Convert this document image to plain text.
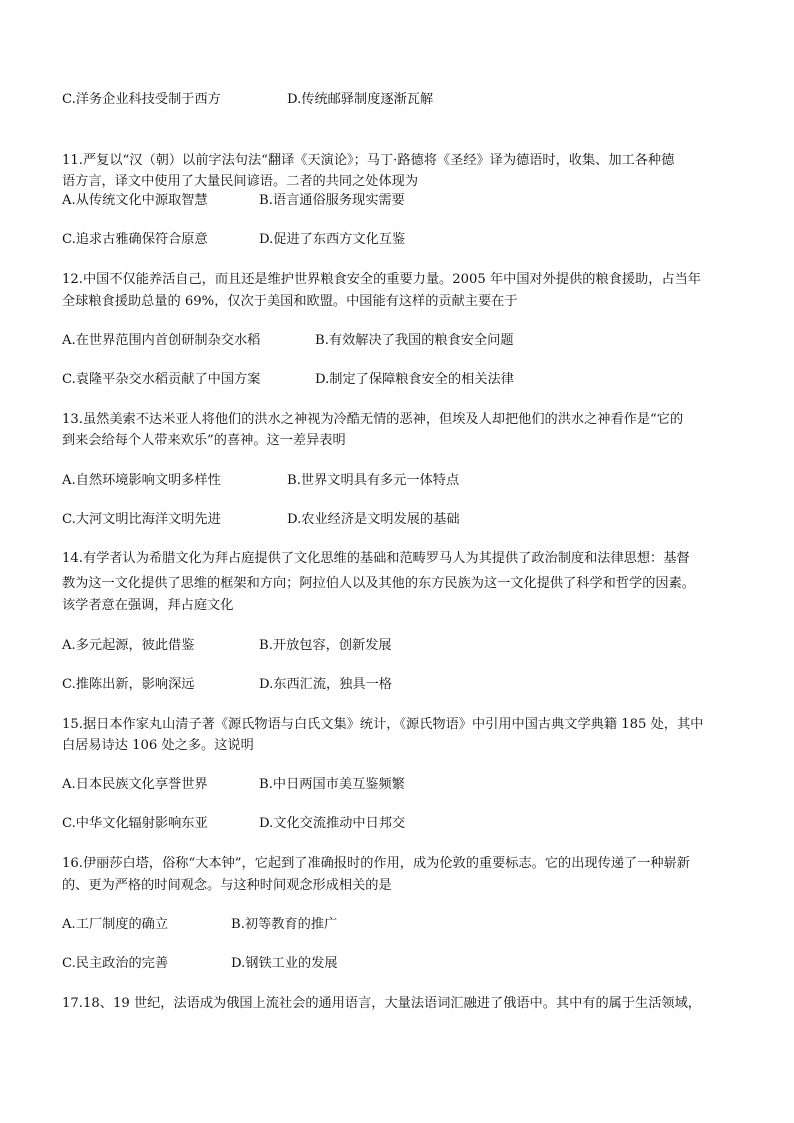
C.洋务企业科技受制于西方	D.传统邮驿制度逐渐瓦解
11.严复以“汉（朝）以前字法句法“翻译《天演论》；马丁·路德将《圣经》译为德语时，收集、加工各种德
语方言，译文中使用了大量民间谚语。二者的共同之处体现为
A.从传统文化中源取智慧	B.语言通俗服务现实需要
C.追求古雅确保符合原意	D.促进了东西方文化互鉴
12.中国不仅能养活自己，而且还是维护世界粮食安全的重要力量。2005 年中国对外提供的粮食援助，占当年
全球粮食援助总量的 69%，仅次于美国和欧盟。中国能有这样的贡献主要在于
A.在世界范围内首创研制杂交水稻	B.有效解决了我国的粮食安全问题
C.袁隆平杂交水稻贡献了中国方案	D.制定了保障粮食安全的相关法律
13.虽然美索不达米亚人将他们的洪水之神视为冷酷无情的恶神，但埃及人却把他们的洪水之神看作是“它的
到来会给每个人带来欢乐”的喜神。这一差异表明
A.自然环境影响文明多样性	B.世界文明具有多元一体特点
C.大河文明比海洋文明先进	D.农业经济是文明发展的基础
14.有学者认为希腊文化为拜占庭提供了文化思维的基础和范畴罗马人为其提供了政治制度和法律思想：基督
教为这一文化提供了思维的框架和方向；阿拉伯人以及其他的东方民族为这一文化提供了科学和哲学的因素。
该学者意在强调，拜占庭文化
A.多元起源，彼此借鉴	B.开放包容，创新发展
C.推陈出新，影响深远	D.东西汇流，独具一格
15.据日本作家丸山清子著《源氏物语与白氏文集》统计，《源氏物语》中引用中国古典文学典籍 185 处，其中
白居易诗达 106 处之多。这说明
A.日本民族文化享誉世界	B.中日两国市美互鉴频繁
C.中华文化辐射影响东亚	D.文化交流推动中日邦交
16.伊丽莎白塔，俗称“大本钟”，它起到了准确报时的作用，成为伦敦的重要标志。它的出现传递了一种崭新
的、更为严格的时间观念。与这种时间观念形成相关的是
A.工厂制度的确立	B.初等教育的推广
C.民主政治的完善	D.钢铁工业的发展
17.18、19 世纪，法语成为俄国上流社会的通用语言，大量法语词汇融进了俄语中。其中有的属于生活领域，
